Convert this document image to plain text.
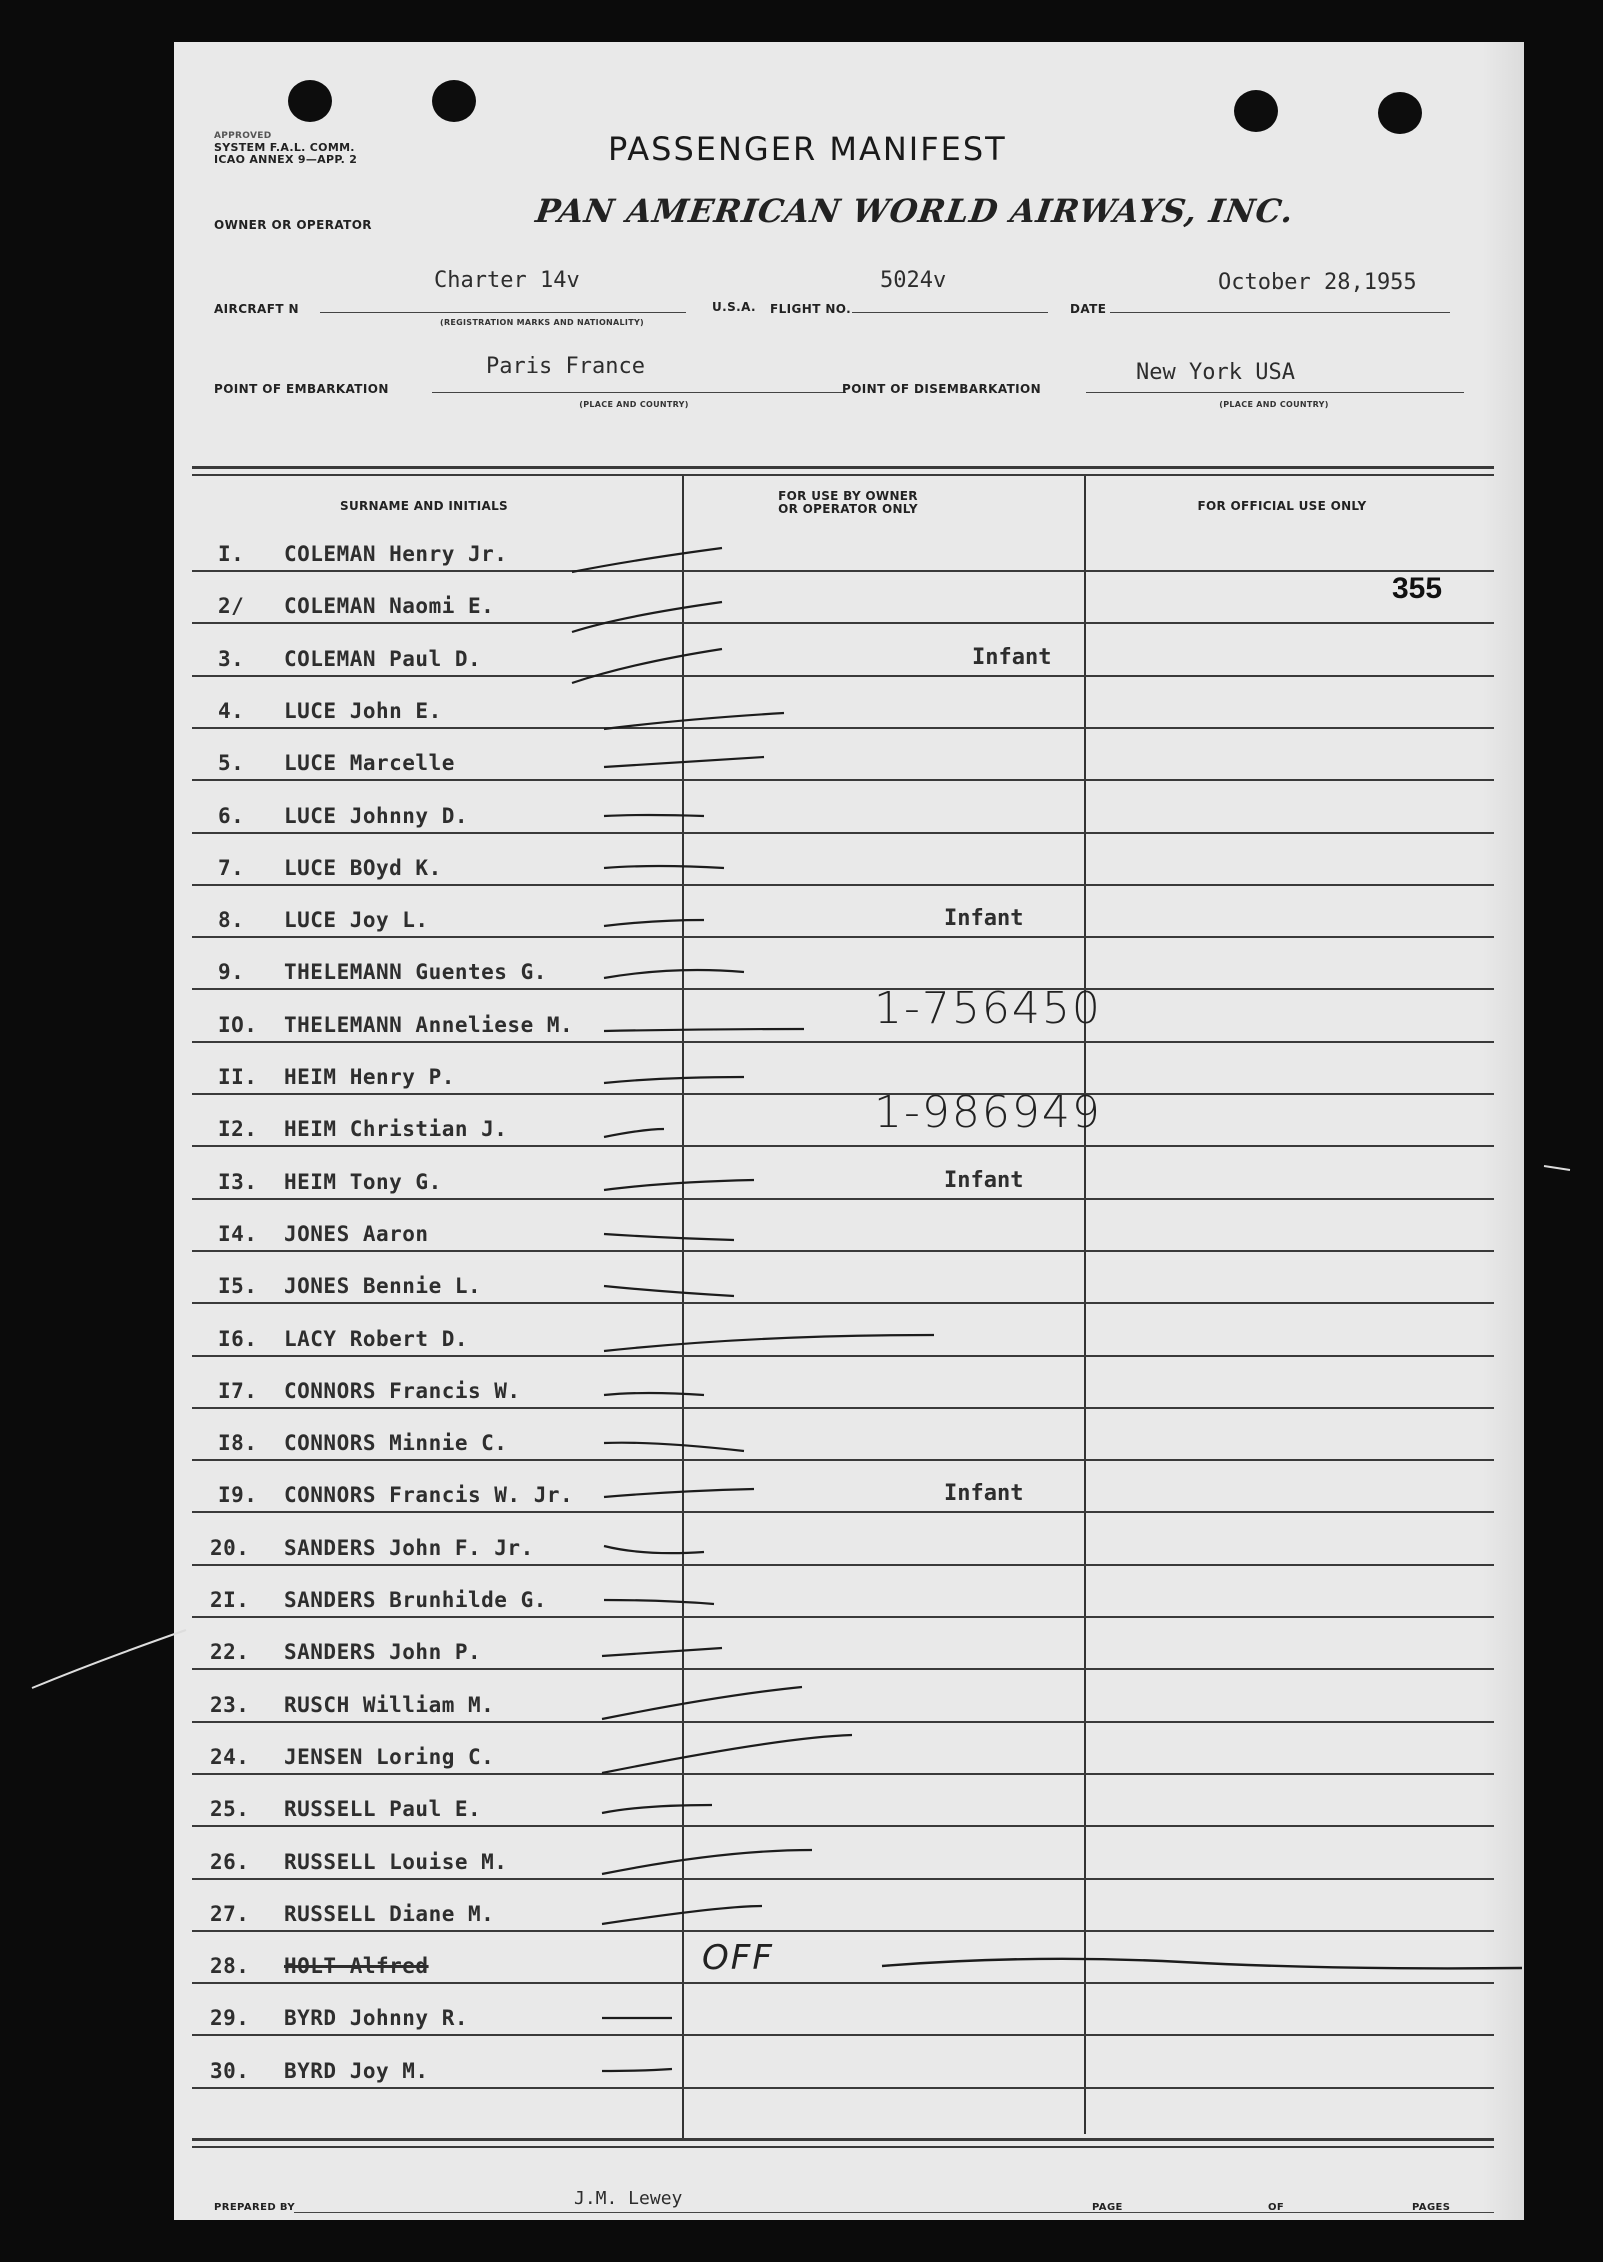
APPROVED
SYSTEM F.A.L. COMM.
ICAO ANNEX 9—APP. 2	PASSENGER MANIFEST
OWNER OR OPERATOR	PAN AMERICAN WORLD AIRWAYS, INC.
AIRCRAFT N
Charter 14v
(REGISTRATION MARKS AND NATIONALITY)
U.S.A. FLIGHT NO.
5024v
DATE
October 28,1955
POINT OF EMBARKATION
Paris France
(PLACE AND COUNTRY)
POINT OF DISEMBARKATION
New York USA
(PLACE AND COUNTRY)
SURNAME AND INITIALS
FOR USE BY OWNER OR OPERATOR ONLY	FOR OFFICIAL USE ONLY
I. COLEMAN Henry Jr.
2/ COLEMAN Naomi E.
355
3. COLEMAN Paul D.	Infant
4. LUCE John E.
5. LUCE Marcelle
6. LUCE Johnny D.
7. LUCE BOyd K.
8. LUCE Joy L.	Infant
9. THELEMANN Guentes G.
IO. THELEMANN Anneliese M.	1-756450
II. HEIM Henry P.
I2. HEIM Christian J.	1-986949
I3. HEIM Tony G.	Infant
I4. JONES Aaron
I5. JONES Bennie L.
I6. LACY Robert D.
I7. CONNORS Francis W.
I8. CONNORS Minnie C.
I9. CONNORS Francis W. Jr.	Infant
20. SANDERS John F. Jr.
2I. SANDERS Brunhilde G.
22. SANDERS John P.
23. RUSCH William M.
24. JENSEN Loring C.
25. RUSSELL Paul E.
26. RUSSELL Louise M.
27. RUSSELL Diane M.
28. HOLT Alfred	OFF
29. BYRD Johnny R.
30. BYRD Joy M.
PREPARED BY	J.M. Lewey	PAGE	OF	PAGES
